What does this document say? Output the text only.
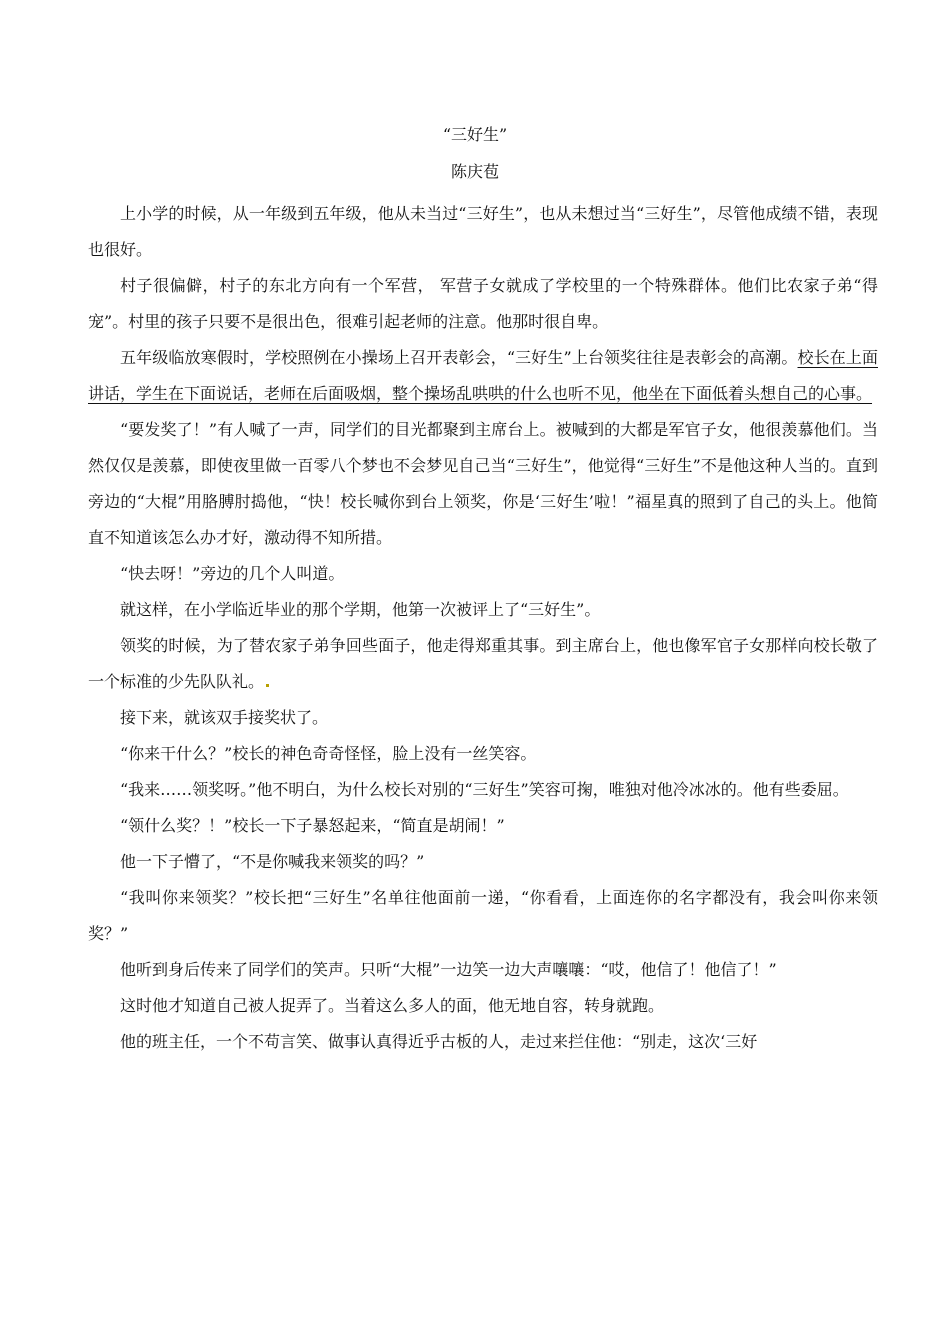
“三好生”
陈庆苞

上小学的时候，从一年级到五年级，他从未当过“三好生”，也从未想过当“三好生”，尽管他成绩不错，表现也很好。

村子很偏僻，村子的东北方向有一个军营， 军营子女就成了学校里的一个特殊群体。他们比农家子弟“得宠”。村里的孩子只要不是很出色，很难引起老师的注意。他那时很自卑。

五年级临放寒假时，学校照例在小操场上召开表彰会，“三好生”上台领奖往往是表彰会的高潮。校长在上面讲话，学生在下面说话，老师在后面吸烟，整个操场乱哄哄的什么也听不见，他坐在下面低着头想自己的心事。

“要发奖了！”有人喊了一声，同学们的目光都聚到主席台上。被喊到的大都是军官子女，他很羡慕他们。当然仅仅是羡慕，即使夜里做一百零八个梦也不会梦见自己当“三好生”，他觉得“三好生”不是他这种人当的。直到旁边的“大棍”用胳膊肘捣他，“快！校长喊你到台上领奖，你是‘三好生’啦！”福星真的照到了自己的头上。他简直不知道该怎么办才好，激动得不知所措。

“快去呀！”旁边的几个人叫道。

就这样，在小学临近毕业的那个学期，他第一次被评上了“三好生”。

领奖的时候，为了替农家子弟争回些面子，他走得郑重其事。到主席台上，他也像军官子女那样向校长敬了一个标准的少先队队礼。

接下来，就该双手接奖状了。

“你来干什么？”校长的神色奇奇怪怪，脸上没有一丝笑容。

“我来……领奖呀。”他不明白，为什么校长对别的“三好生”笑容可掬，唯独对他冷冰冰的。他有些委屈。

“领什么奖？！”校长一下子暴怒起来，“简直是胡闹！”

他一下子懵了，“不是你喊我来领奖的吗？”

“我叫你来领奖？”校长把“三好生”名单往他面前一递，“你看看，上面连你的名字都没有，我会叫你来领奖？”

他听到身后传来了同学们的笑声。只听“大棍”一边笑一边大声嚷嚷：“哎，他信了！他信了！”

这时他才知道自己被人捉弄了。当着这么多人的面，他无地自容，转身就跑。

他的班主任，一个不苟言笑、做事认真得近乎古板的人，走过来拦住他：“别走，这次‘三好
